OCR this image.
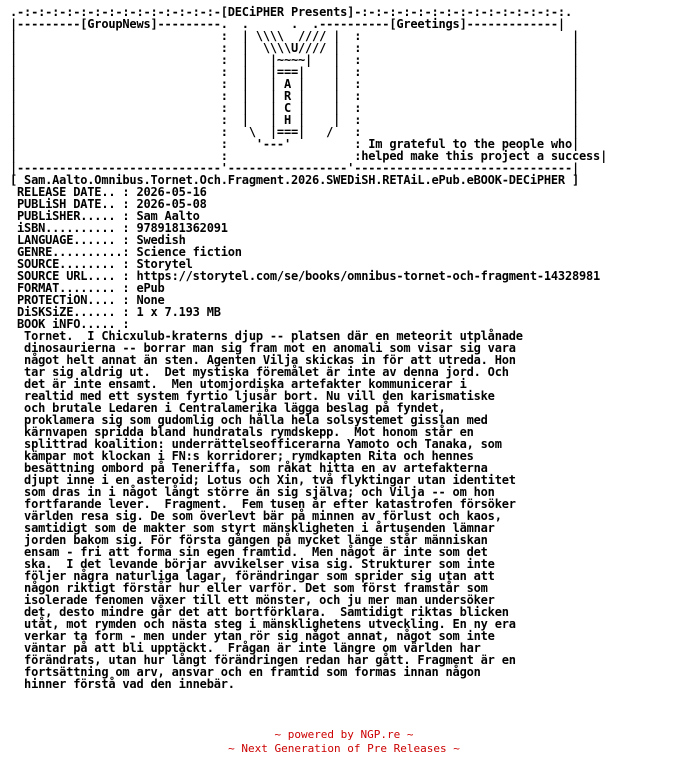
.-:-:-:-:-:-:-:-:-:-:-:-:-:-:-[DECiPHER Presents]-:-:-:-:-:-:-:-:-:-:-:-:-:-:-:.
|---------[GroupNews]---------.  .      .  .----------[Greetings]-------------|
|                             :  | \\\\  //// |  :                              |
|                             :  |  \\\\U//// |  :                              |
|                             :  |   |~~~~|   |  :                              |
|                             :  |   |===|    |  :                              |
|                             :  |   | A |    |  :                              |
|                             :  |   | R |    |  :                              |
|                             :  |   | C |    |  :                              |
|                             :  |   | H |    |  :                              |
|                             :   \  |===|   /   :                              |
|                             :    '---'         : Im grateful to the people who|
|                             :                  :helped make this project a success|
|-----------------------------'-----------------'-------------------------------|
[ Sam.Aalto.Omnibus.Tornet.Och.Fragment.2026.SWEDiSH.RETAiL.ePub.eBOOK-DECiPHER ]
RELEASE DATE.. : 2026-05-16
PUBLiSH DATE.. : 2026-05-08
PUBLiSHER..... : Sam Aalto
iSBN.......... : 9789181362091
LANGUAGE...... : Swedish
GENRE..........: Science fiction
SOURCE........ : Storytel
SOURCE URL.... : https://storytel.com/se/books/omnibus-tornet-och-fragment-14328981
FORMAT........ : ePub
PROTECTiON.... : None
DiSKSiZE...... : 1 x 7.193 MB
BOOK iNFO..... :
Tornet.  I Chicxulub-kraterns djup -- platsen där en meteorit utplånade
dinosaurierna -- borrar man sig fram mot en anomali som visar sig vara
något helt annat än sten. Agenten Vilja skickas in för att utreda. Hon
tar sig aldrig ut.  Det mystiska föremålet är inte av denna jord. Och
det är inte ensamt.  Men utomjordiska artefakter kommunicerar i
realtid med ett system fyrtio ljusår bort. Nu vill den karismatiske
och brutale Ledaren i Centralamerika lägga beslag på fyndet,
proklamera sig som gudomlig och hålla hela solsystemet gisslan med
kärnvapen spridda bland hundratals rymdskepp.  Mot honom står en
splittrad koalition: underrättelseofficerarna Yamoto och Tanaka, som
kämpar mot klockan i FN:s korridorer; rymdkapten Rita och hennes
besättning ombord på Teneriffa, som råkat hitta en av artefakterna
djupt inne i en asteroid; Lotus och Xin, två flyktingar utan identitet
som dras in i något långt större än sig själva; och Vilja -- om hon
fortfarande lever.  Fragment.  Fem tusen år efter katastrofen försöker
världen resa sig. De som överlevt bär på minnen av förlust och kaos,
samtidigt som de makter som styrt mänskligheten i årtusenden lämnar
jorden bakom sig. För första gången på mycket länge står människan
ensam - fri att forma sin egen framtid.  Men något är inte som det
ska.  I det levande börjar avvikelser visa sig. Strukturer som inte
följer några naturliga lagar, förändringar som sprider sig utan att
någon riktigt förstår hur eller varför. Det som först framstår som
isolerade fenomen växer till ett mönster, och ju mer man undersöker
det, desto mindre går det att bortförklara.  Samtidigt riktas blicken
utåt, mot rymden och nästa steg i mänsklighetens utveckling. En ny era
verkar ta form - men under ytan rör sig något annat, något som inte
väntar på att bli upptäckt.  Frågan är inte längre om världen har
förändrats, utan hur långt förändringen redan har gått. Fragment är en
fortsättning om arv, ansvar och en framtid som formas innan någon
hinner förstå vad den innebär.
~ powered by NGP.re ~
~ Next Generation of Pre Releases ~
